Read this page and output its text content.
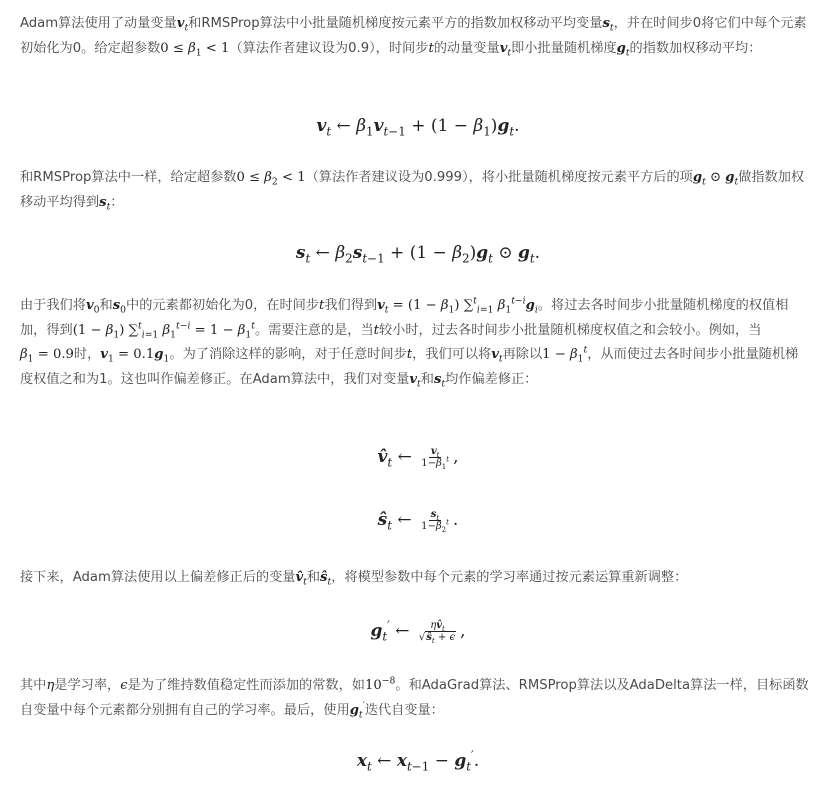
Adam算法使用了动量变量$v_t$和RMSProp算法中小批量随机梯度按元素平方的指数加权移动平均变量$s_t$，并在时间步0将它们中每个元素初始化为0。给定超参数$0 \le \beta_1 < 1$（算法作者建议设为0.9），时间步t的动量变量$v_t$即小批量随机梯度$g_t$的指数加权移动平均：

$v_t$ ← $\beta_1v_{t-1} + (1 - \beta_1)g_t$.

和RMSProp算法中一样，给定超参数$0 \le \beta_2 < 1$（算法作者建议设为0.999），将小批量随机梯度按元素平方后的项$g_t$ ⊙ $g_t$做指数加权移动平均得到$s_t$：

$s_t$ ← $\beta_2s_{t-1} + (1 - \beta_2)g_t$ ⊙ $g_t$.

由于我们将$v_0$和$s_0$中的元素都初始化为0，在时间步t我们得到$v_t = (1 - \beta_1)$ ∑$^t_{i=1}$ $\beta_1^{t-i}g_i$。将过去各时间步小批量随机梯度的权值相加，得到$(1 - \beta_1)$ ∑$^t_{i=1}$ $\beta_1^{t-i} = 1 - \beta_1^t$。需要注意的是，当t较小时，过去各时间步小批量随机梯度权值之和会较小。例如，当$\beta_1 = 0.9$时，$v_1 = 0.1g_1$。为了消除这样的影响，对于任意时间步t，我们可以将$v_t$再除以$1 - \beta_1^t$，从而使过去各时间步小批量随机梯度权值之和为1。这也叫作偏差修正。在Adam算法中，我们对变量$v_t$和$s_t$均作偏差修正：

$v̂_t$ ← $\frac{v_t}{1-\beta_1^t}$ ,
$ŝ_t$ ← $\frac{s_t}{1-\beta_2^t}$ .

接下来，Adam算法使用以上偏差修正后的变量$v̂_t$和$ŝ_t$，将模型参数中每个元素的学习率通过按元素运算重新调整：

$g_t'$ ← $\frac{\eta v̂_t}{√ŝ_t + \epsilon}$ ,

其中η是学习率，ϵ是为了维持数值稳定性而添加的常数，如$10^{-8}$。和AdaGrad算法、RMSProp算法以及AdaDelta算法一样，目标函数自变量中每个元素都分别拥有自己的学习率。最后，使用$g_t'$迭代自变量：

$x_t$ ← $x_{t-1} - g_t'$.
